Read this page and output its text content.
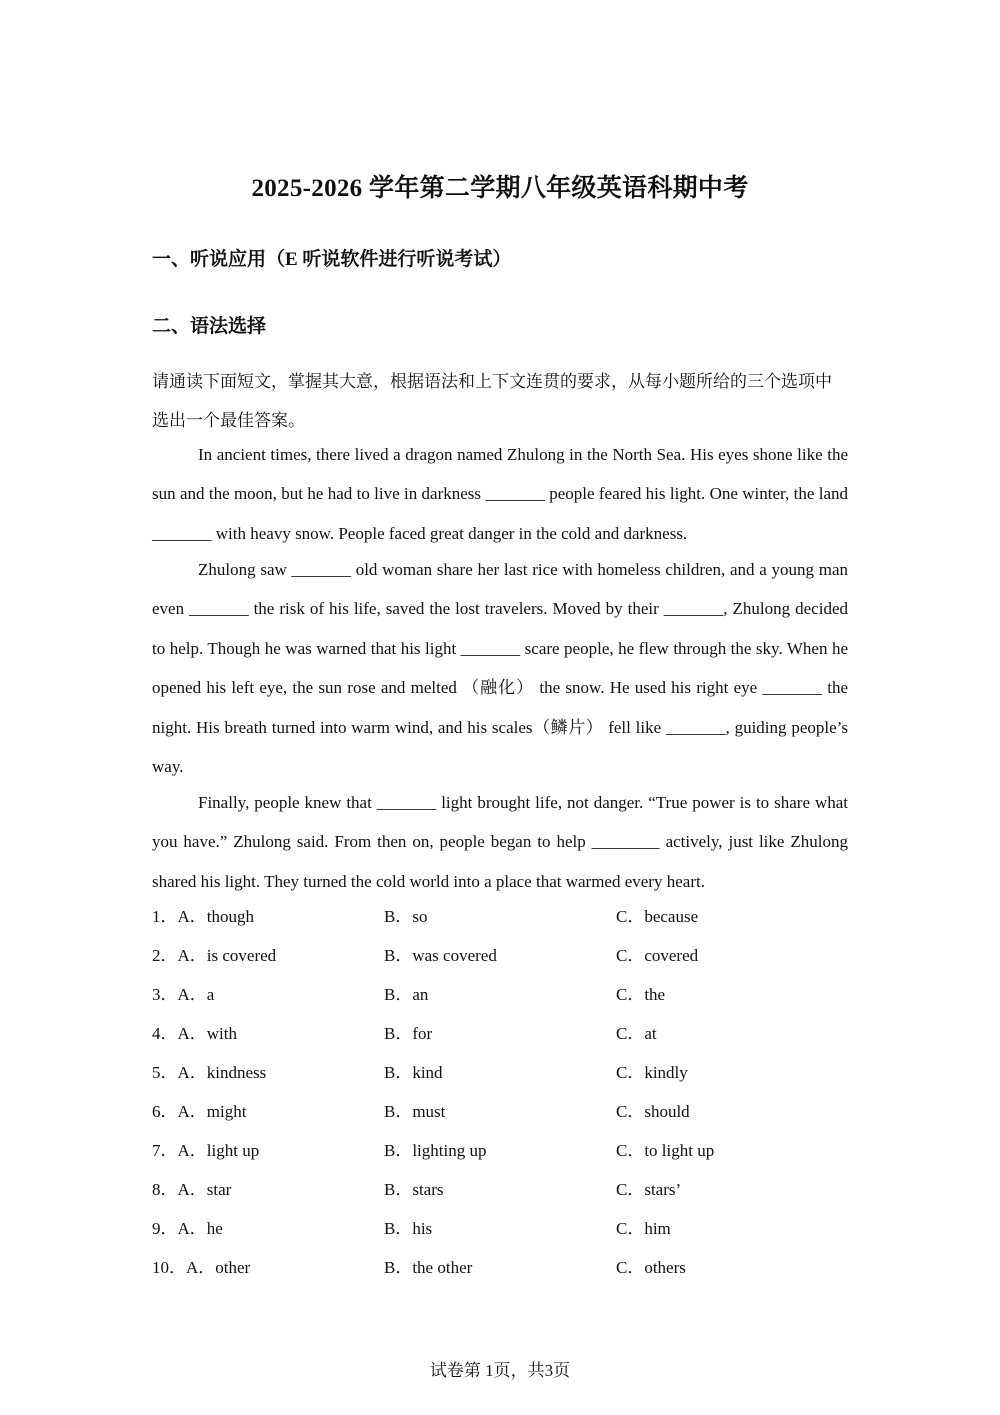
2025-2026 学年第二学期八年级英语科期中考
一、听说应用（E 听说软件进行听说考试）
二、语法选择

请通读下面短文，掌握其大意，根据语法和上下文连贯的要求，从每小题所给的三个选项中选出一个最佳答案。

In ancient times, there lived a dragon named Zhulong in the North Sea. His eyes shone like the sun and the moon, but he had to live in darkness _______ people feared his light. One winter, the land _______ with heavy snow. People faced great danger in the cold and darkness.

Zhulong saw _______ old woman share her last rice with homeless children, and a young man even _______ the risk of his life, saved the lost travelers. Moved by their _______, Zhulong decided to help. Though he was warned that his light _______ scare people, he flew through the sky. When he opened his left eye, the sun rose and melted （融化） the snow. He used his right eye _______ the night. His breath turned into warm wind, and his scales（鳞片） fell like _______, guiding people’s way.

Finally, people knew that _______ light brought life, not danger. “True power is to share what you have.” Zhulong said. From then on, people began to help ________ actively, just like Zhulong shared his light. They turned the cold world into a place that warmed every heart.

1．A．though	B．so	C．because
2．A．is covered	B．was covered	C．covered
3．A．a	B．an	C．the
4．A．with	B．for	C．at
5．A．kindness	B．kind	C．kindly
6．A．might	B．must	C．should
7．A．light up	B．lighting up	C．to light up
8．A．star	B．stars	C．stars’
9．A．he	B．his	C．him
10．A．other	B．the other	C．others
试卷第 1页，共3页
